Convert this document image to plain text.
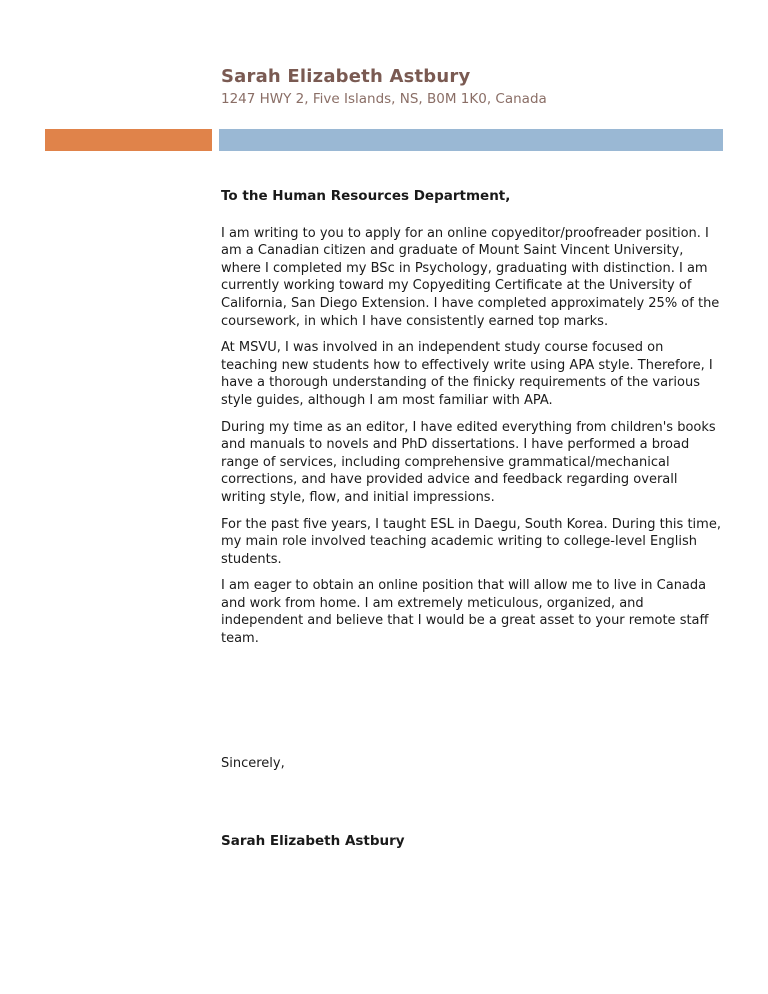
Sarah Elizabeth Astbury
1247 HWY 2, Five Islands, NS, B0M 1K0, Canada
To the Human Resources Department,

I am writing to you to apply for an online copyeditor/proofreader position. I am a Canadian citizen and graduate of Mount Saint Vincent University, where I completed my BSc in Psychology, graduating with distinction. I am currently working toward my Copyediting Certificate at the University of California, San Diego Extension. I have completed approximately 25% of the coursework, in which I have consistently earned top marks.

At MSVU, I was involved in an independent study course focused on teaching new students how to effectively write using APA style. Therefore, I have a thorough understanding of the finicky requirements of the various style guides, although I am most familiar with APA.

During my time as an editor, I have edited everything from children's books and manuals to novels and PhD dissertations. I have performed a broad range of services, including comprehensive grammatical/mechanical corrections, and have provided advice and feedback regarding overall writing style, flow, and initial impressions.

For the past five years, I taught ESL in Daegu, South Korea. During this time, my main role involved teaching academic writing to college-level English students.

I am eager to obtain an online position that will allow me to live in Canada and work from home. I am extremely meticulous, organized, and independent and believe that I would be a great asset to your remote staff team.

Sincerely,
Sarah Elizabeth Astbury
